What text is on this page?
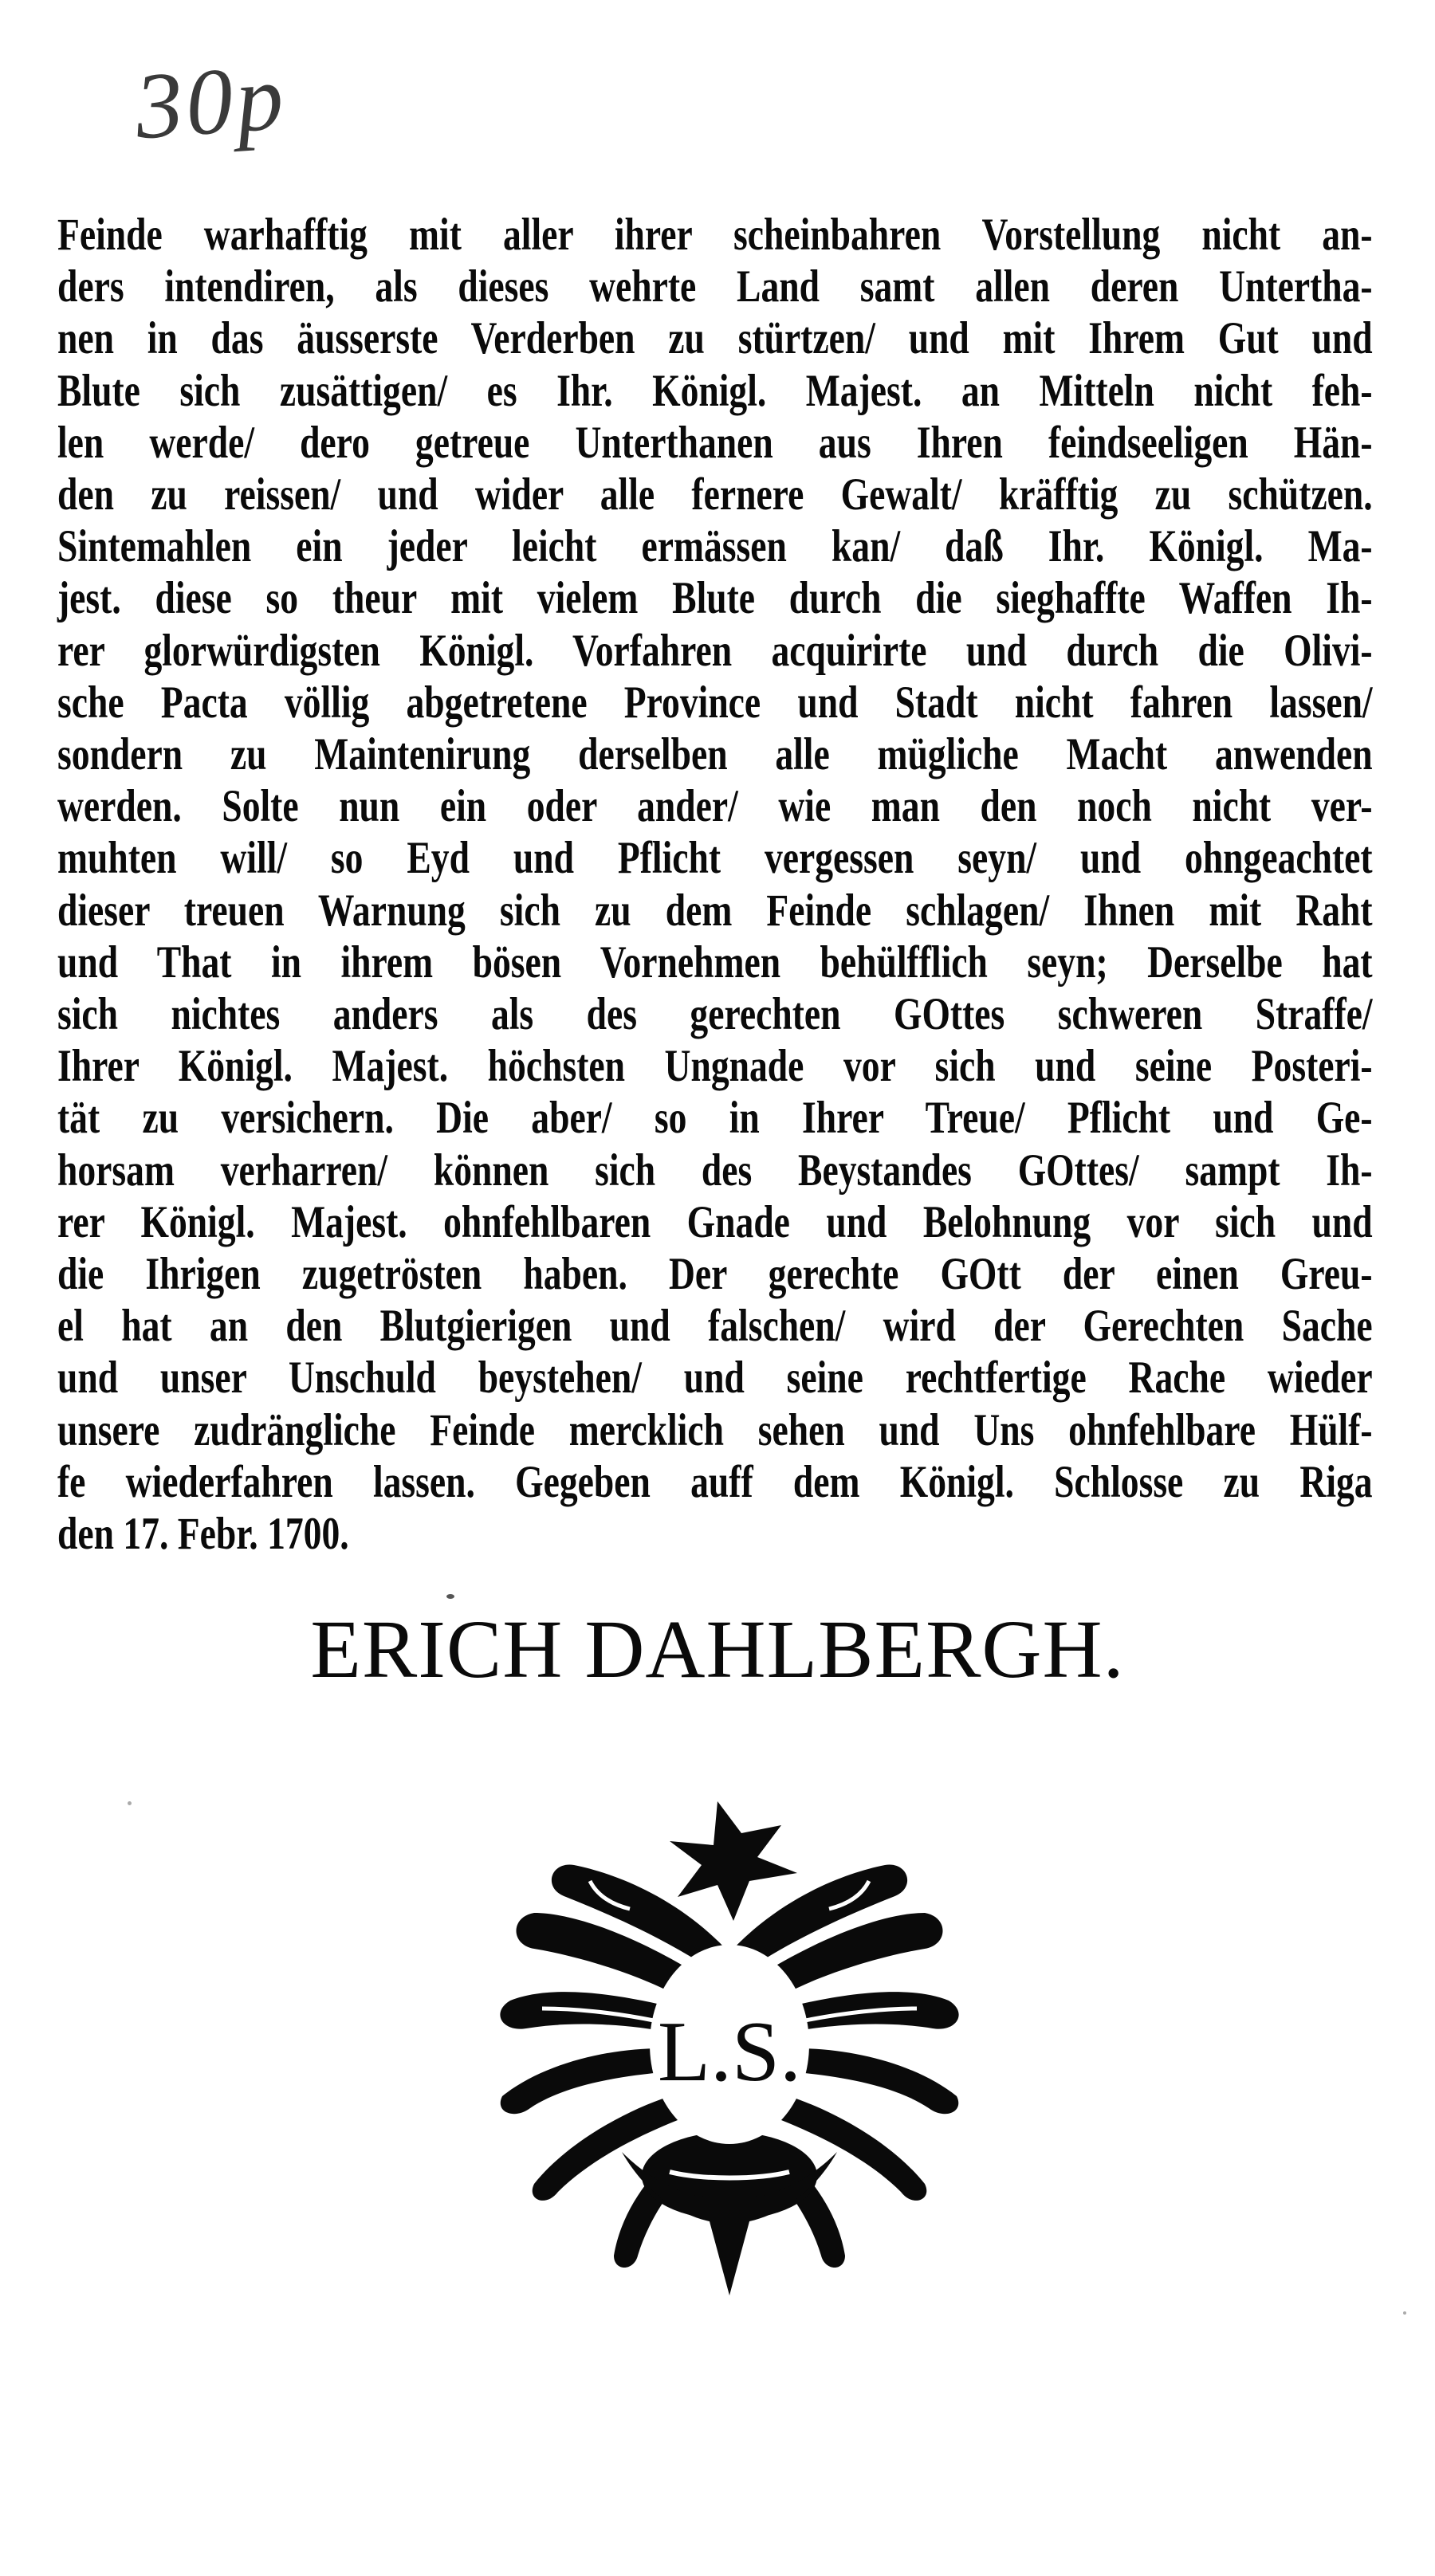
30p
Feinde warhafftig mit aller ihrer scheinbahren Vorstellung nicht an-
ders intendiren, als dieses wehrte Land samt allen deren Untertha-
nen in das äusserste Verderben zu stürtzen/ und mit Ihrem Gut und
Blute sich zusättigen/ es Ihr. Königl. Majest. an Mitteln nicht feh-
len werde/ dero getreue Unterthanen aus Ihren feindseeligen Hän-
den zu reissen/ und wider alle fernere Gewalt/ kräfftig zu schützen.
Sintemahlen ein jeder leicht ermässen kan/ daß Ihr. Königl. Ma-
jest. diese so theur mit vielem Blute durch die sieghaffte Waffen Ih-
rer glorwürdigsten Königl. Vorfahren acquirirte und durch die Olivi-
sche Pacta völlig abgetretene Province und Stadt nicht fahren lassen/
sondern zu Maintenirung derselben alle mügliche Macht anwenden
werden. Solte nun ein oder ander/ wie man den noch nicht ver-
muhten will/ so Eyd und Pflicht vergessen seyn/ und ohngeachtet
dieser treuen Warnung sich zu dem Feinde schlagen/ Ihnen mit Raht
und That in ihrem bösen Vornehmen behülfflich seyn; Derselbe hat
sich nichtes anders als des gerechten GOttes schweren Straffe/
Ihrer Königl. Majest. höchsten Ungnade vor sich und seine Posteri-
tät zu versichern. Die aber/ so in Ihrer Treue/ Pflicht und Ge-
horsam verharren/ können sich des Beystandes GOttes/ sampt Ih-
rer Königl. Majest. ohnfehlbaren Gnade und Belohnung vor sich und
die Ihrigen zugetrösten haben. Der gerechte GOtt der einen Greu-
el hat an den Blutgierigen und falschen/ wird der Gerechten Sache
und unser Unschuld beystehen/ und seine rechtfertige Rache wieder
unsere zudrängliche Feinde mercklich sehen und Uns ohnfehlbare Hülf-
fe wiederfahren lassen. Gegeben auff dem Königl. Schlosse zu Riga
den 17. Febr. 1700.
ERICH DAHLBERGH.
L.S.
